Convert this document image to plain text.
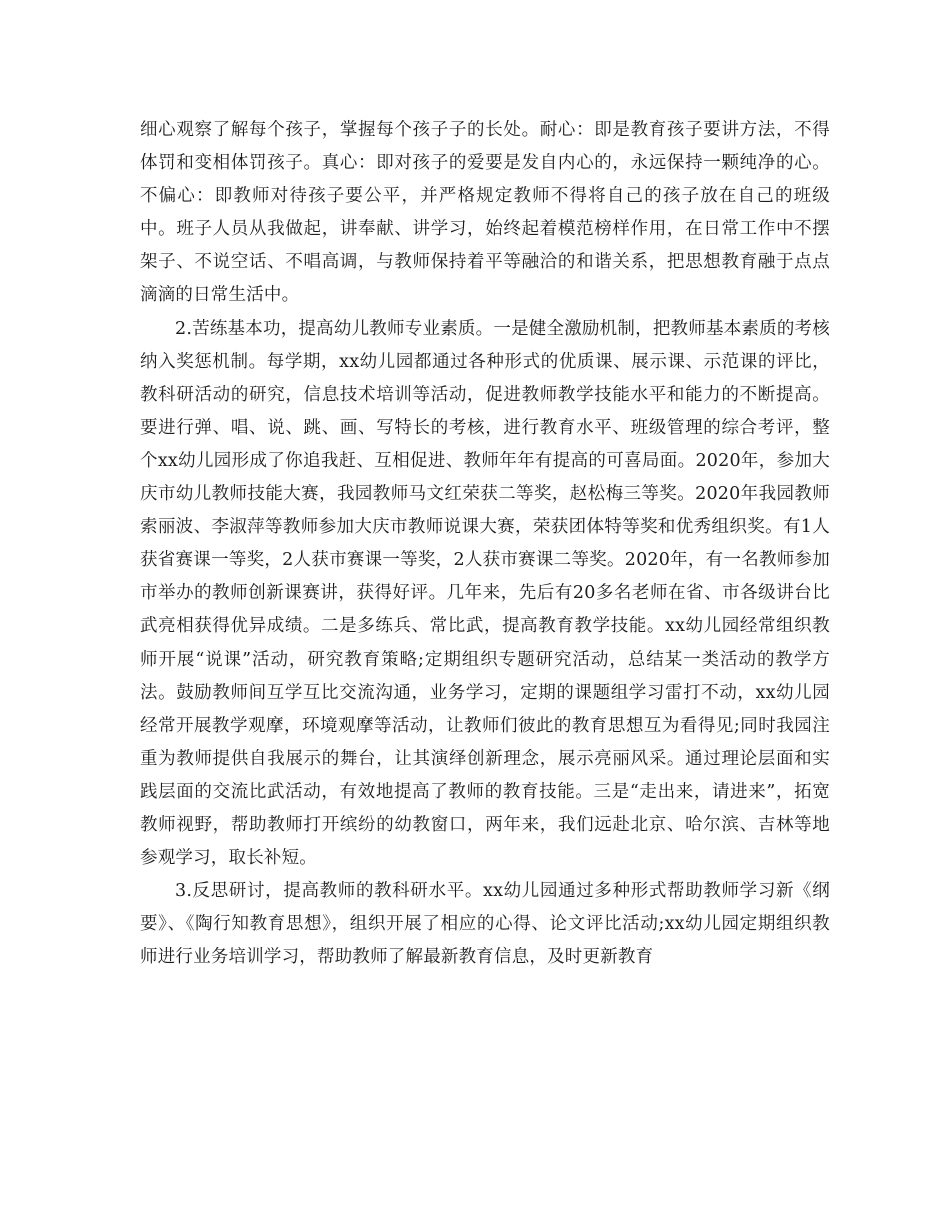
细心观察了解每个孩子，掌握每个孩子子的长处。耐心：即是教育孩子要讲方法，不得体罚和变相体罚孩子。真心：即对孩子的爱要是发自内心的，永远保持一颗纯净的心。不偏心：即教师对待孩子要公平，并严格规定教师不得将自己的孩子放在自己的班级中。班子人员从我做起，讲奉献、讲学习，始终起着模范榜样作用，在日常工作中不摆架子、不说空话、不唱高调，与教师保持着平等融洽的和谐关系，把思想教育融于点点滴滴的日常生活中。

2.苦练基本功，提高幼儿教师专业素质。一是健全激励机制，把教师基本素质的考核纳入奖惩机制。每学期，xx幼儿园都通过各种形式的优质课、展示课、示范课的评比，教科研活动的研究，信息技术培训等活动，促进教师教学技能水平和能力的不断提高。要进行弹、唱、说、跳、画、写特长的考核，进行教育水平、班级管理的综合考评，整个xx幼儿园形成了你追我赶、互相促进、教师年年有提高的可喜局面。2020年，参加大庆市幼儿教师技能大赛，我园教师马文红荣获二等奖，赵松梅三等奖。2020年我园教师索丽波、李淑萍等教师参加大庆市教师说课大赛，荣获团体特等奖和优秀组织奖。有1人获省赛课一等奖，2人获市赛课一等奖，2人获市赛课二等奖。2020年，有一名教师参加市举办的教师创新课赛讲，获得好评。几年来，先后有20多名老师在省、市各级讲台比武亮相获得优异成绩。二是多练兵、常比武，提高教育教学技能。xx幼儿园经常组织教师开展“说课”活动，研究教育策略;定期组织专题研究活动，总结某一类活动的教学方法。鼓励教师间互学互比交流沟通，业务学习，定期的课题组学习雷打不动，xx幼儿园经常开展教学观摩，环境观摩等活动，让教师们彼此的教育思想互为看得见;同时我园注重为教师提供自我展示的舞台，让其演绎创新理念，展示亮丽风采。通过理论层面和实践层面的交流比武活动，有效地提高了教师的教育技能。三是“走出来，请进来”，拓宽教师视野，帮助教师打开缤纷的幼教窗口，两年来，我们远赴北京、哈尔滨、吉林等地参观学习，取长补短。

3.反思研讨，提高教师的教科研水平。xx幼儿园通过多种形式帮助教师学习新《纲要》、《陶行知教育思想》，组织开展了相应的心得、论文评比活动;xx幼儿园定期组织教师进行业务培训学习，帮助教师了解最新教育信息，及时更新教育
